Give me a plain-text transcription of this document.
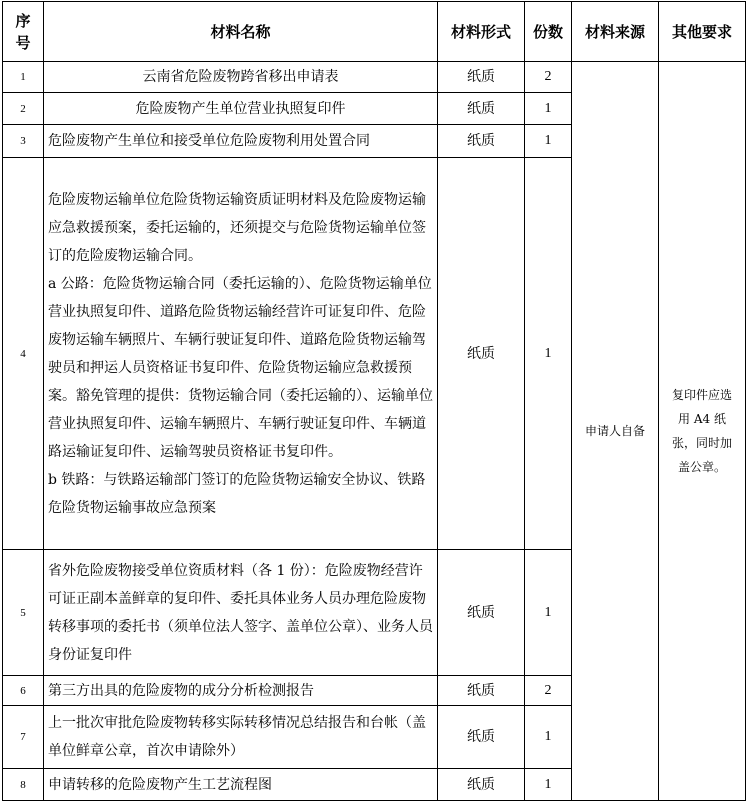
序号	材料名称	材料形式	份数	材料来源	其他要求
1	云南省危险废物跨省移出申请表	纸质	2	申请人自备	复印件应选用 A4 纸张，同时加盖公章。
2	危险废物产生单位营业执照复印件	纸质	1		
3	危险废物产生单位和接受单位危险废物利用处置合同	纸质	1		
4	危险废物运输单位危险货物运输资质证明材料及危险废物运输应急救援预案，委托运输的，还须提交与危险货物运输单位签订的危险废物运输合同。
a 公路：危险货物运输合同（委托运输的）、危险货物运输单位营业执照复印件、道路危险货物运输经营许可证复印件、危险废物运输车辆照片、车辆行驶证复印件、道路危险货物运输驾驶员和押运人员资格证书复印件、危险货物运输应急救援预案。豁免管理的提供：货物运输合同（委托运输的）、运输单位营业执照复印件、运输车辆照片、车辆行驶证复印件、车辆道路运输证复印件、运输驾驶员资格证书复印件。
b 铁路：与铁路运输部门签订的危险货物运输安全协议、铁路危险货物运输事故应急预案	纸质	1		
5	省外危险废物接受单位资质材料（各 1 份）：危险废物经营许可证正副本盖鲜章的复印件、委托具体业务人员办理危险废物转移事项的委托书（须单位法人签字、盖单位公章）、业务人员身份证复印件	纸质	1		
6	第三方出具的危险废物的成分分析检测报告	纸质	2		
7	上一批次审批危险废物转移实际转移情况总结报告和台帐（盖单位鲜章公章，首次申请除外）	纸质	1		
8	申请转移的危险废物产生工艺流程图	纸质	1		
